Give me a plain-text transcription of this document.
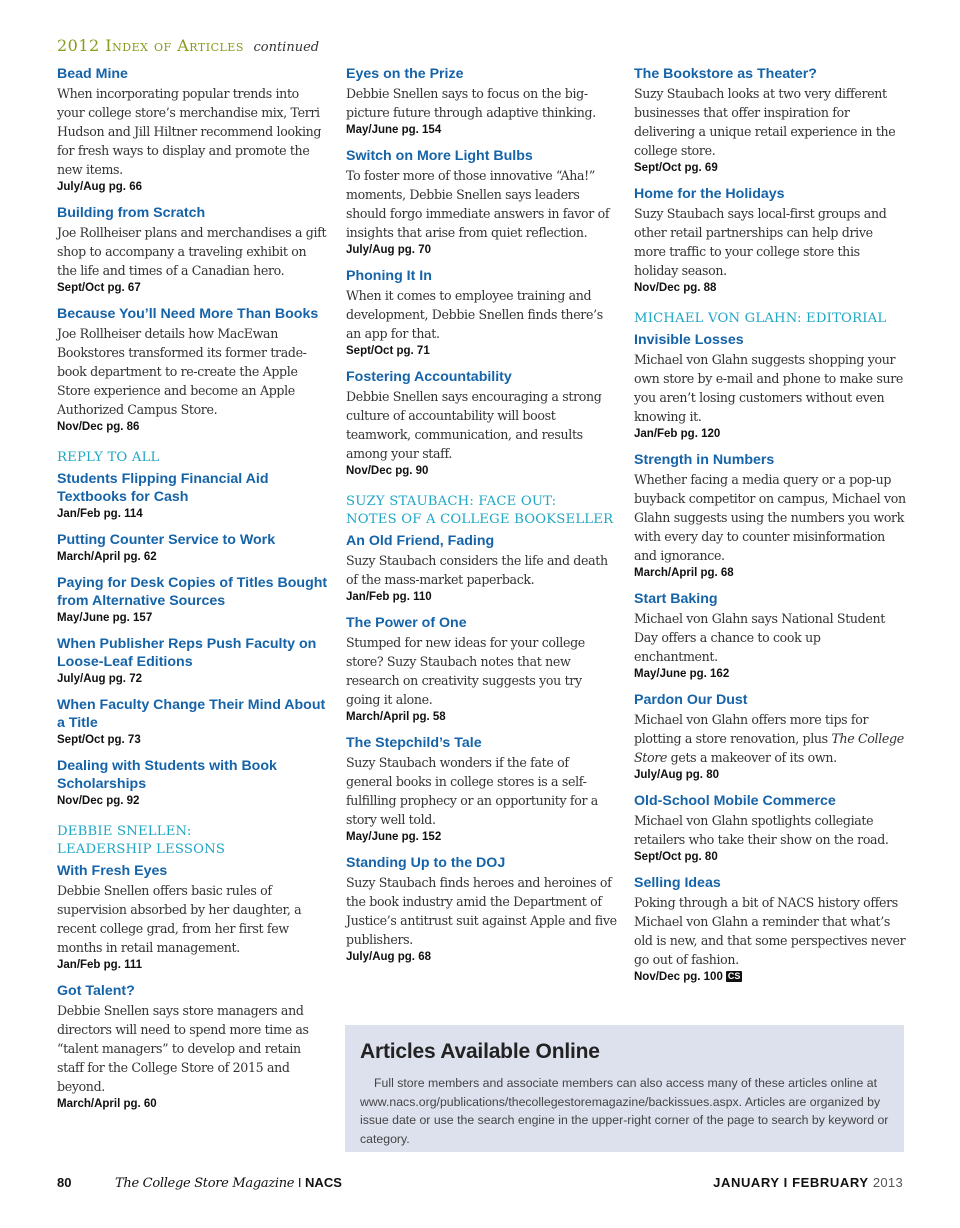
2012 Index of Articles continued
Bead Mine
When incorporating popular trends into your college store’s merchandise mix, Terri Hudson and Jill Hiltner recommend looking for fresh ways to display and promote the new items.
July/Aug pg. 66
Building from Scratch
Joe Rollheiser plans and merchandises a gift shop to accompany a traveling exhibit on the life and times of a Canadian hero.
Sept/Oct pg. 67
Because You’ll Need More Than Books
Joe Rollheiser details how MacEwan Bookstores transformed its former trade-book department to re-create the Apple Store experience and become an Apple Authorized Campus Store.
Nov/Dec pg. 86
REPLY TO ALL
Students Flipping Financial Aid Textbooks for Cash
Jan/Feb pg. 114
Putting Counter Service to Work
March/April pg. 62
Paying for Desk Copies of Titles Bought from Alternative Sources
May/June pg. 157
When Publisher Reps Push Faculty on Loose-Leaf Editions
July/Aug pg. 72
When Faculty Change Their Mind About a Title
Sept/Oct pg. 73
Dealing with Students with Book Scholarships
Nov/Dec pg. 92
DEBBIE SNELLEN:
LEADERSHIP LESSONS
With Fresh Eyes
Debbie Snellen offers basic rules of supervision absorbed by her daughter, a recent college grad, from her first few months in retail management.
Jan/Feb pg. 111
Got Talent?
Debbie Snellen says store managers and directors will need to spend more time as “talent managers” to develop and retain staff for the College Store of 2015 and beyond.
March/April pg. 60
Eyes on the Prize
Debbie Snellen says to focus on the big-picture future through adaptive thinking.
May/June pg. 154
Switch on More Light Bulbs
To foster more of those innovative “Aha!” moments, Debbie Snellen says leaders should forgo immediate answers in favor of insights that arise from quiet reflection.
July/Aug pg. 70
Phoning It In
When it comes to employee training and development, Debbie Snellen finds there’s an app for that.
Sept/Oct pg. 71
Fostering Accountability
Debbie Snellen says encouraging a strong culture of accountability will boost teamwork, communication, and results among your staff.
Nov/Dec pg. 90
SUZY STAUBACH: FACE OUT:
NOTES OF A COLLEGE BOOKSELLER
An Old Friend, Fading
Suzy Staubach considers the life and death of the mass-market paperback.
Jan/Feb pg. 110
The Power of One
Stumped for new ideas for your college store? Suzy Staubach notes that new research on creativity suggests you try going it alone.
March/April pg. 58
The Stepchild’s Tale
Suzy Staubach wonders if the fate of general books in college stores is a self-fulfilling prophecy or an opportunity for a story well told.
May/June pg. 152
Standing Up to the DOJ
Suzy Staubach finds heroes and heroines of the book industry amid the Department of Justice’s antitrust suit against Apple and five publishers.
July/Aug pg. 68
The Bookstore as Theater?
Suzy Staubach looks at two very different businesses that offer inspiration for delivering a unique retail experience in the college store.
Sept/Oct pg. 69
Home for the Holidays
Suzy Staubach says local-first groups and other retail partnerships can help drive more traffic to your college store this holiday season.
Nov/Dec pg. 88
MICHAEL VON GLAHN: EDITORIAL
Invisible Losses
Michael von Glahn suggests shopping your own store by e-mail and phone to make sure you aren’t losing customers without even knowing it.
Jan/Feb pg. 120
Strength in Numbers
Whether facing a media query or a pop-up buyback competitor on campus, Michael von Glahn suggests using the numbers you work with every day to counter misinformation and ignorance.
March/April pg. 68
Start Baking
Michael von Glahn says National Student Day offers a chance to cook up enchantment.
May/June pg. 162
Pardon Our Dust
Michael von Glahn offers more tips for plotting a store renovation, plus The College Store gets a makeover of its own.
July/Aug pg. 80
Old-School Mobile Commerce
Michael von Glahn spotlights collegiate retailers who take their show on the road.
Sept/Oct pg. 80
Selling Ideas
Poking through a bit of NACS history offers Michael von Glahn a reminder that what’s old is new, and that some perspectives never go out of fashion.
Nov/Dec pg. 100 CS
Articles Available Online

Full store members and associate members can also access many of these articles online at www.nacs.org/publications/thecollegestoremagazine/backissues.aspx. Articles are organized by issue date or use the search engine in the upper-right corner of the page to search by keyword or category.

80	The College Store Magazine I NACS	JANUARY I FEBRUARY 2013
